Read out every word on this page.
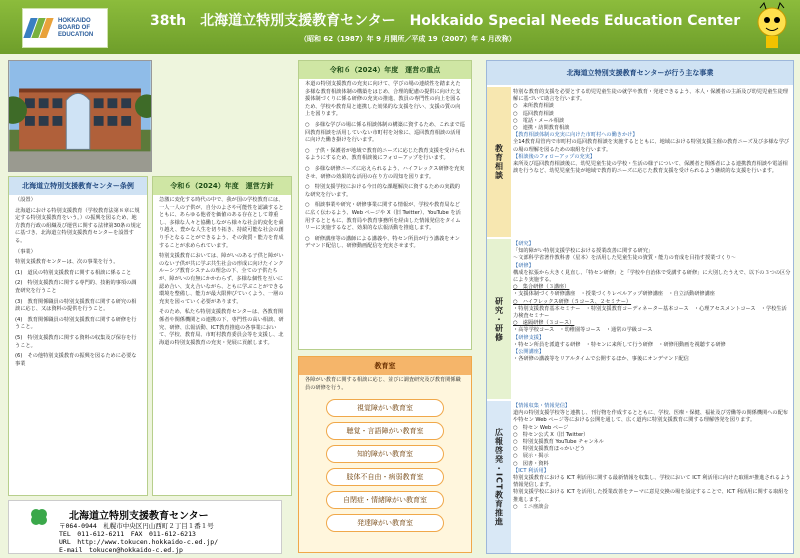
HOKKAIDO
BOARD OF
EDUCATION
38th　北海道立特別支援教育センター　Hokkaido Special Needs Education Center
（昭和 62（1987）年 9 月開所／平成 19（2007）年 4 月改称）
北海道立特別支援教育センター条例

（設置）

北海道における特別支援教育（学校教育法第８章に規定する特別支援教育をいう。）の振興を図るため、地方教育行政の組織及び運営に関する法律第30条の規定に基づき、北海道立特別支援教育センターを設置する。

（事業）

特別支援教育センターは、次の事業を行う。

(1)　道民の特別支援教育に関する相談に係ること

(2)　特別支援教育に関する専門的、技術的事項の調査研究を行うこと

(3)　教育関係職員の特別支援教育に関する研究の相談に応じ、又は資料の提供を行うこと。

(4)　教育関係職員の特別支援教育に関する研修を行うこと。

(5)　特別支援教育に関する資料の収集及び保存を行うこと。

(6)　その他特別支援教育の振興を図るために必要な事業

令和６（2024）年度　運営方針

急激に変化する時代の中で、我が国の学校教育には、一人一人の子供が、自分のよさや可能性を認識するとともに、あらゆる他者を価値のある存在として尊重し、多様な人々と協働しながら様々な社会的変化を乗り越え、豊かな人生を切り拓き、持続可能な社会の創り手となることができるよう、その資質・能力を育成することが求められています。

特別支援教育においては、障がいのある子供と障がいのない子供が共に学ぶ共生社会の形成に向けたインクルーシブ教育システムの理念の下、全ての子供たちが、障がいの有無にかかわらず、多様な個性を互いに認め合い、支え合いながら、ともに学ぶことができる環境を整備し、能力が最大限伸びていくよう、一層の充実を図っていく必要があります。

そのため、私たち特別支援教育センターは、各教育関係者や関係機関との連携の下、専門性の高い相談、研究、研修、広報活動、ICT教育推進の各事業において、学校、教育局、市町村教育委員会等を支援し、北海道の特別支援教育の充実・発展に貢献します。

令和６（2024）年度　運営の重点

本道の特別支援教育の充実に向けて、学びの場の連続性を踏まえた多様な教育相談体制の構築をはじめ、合理的配慮の提供に向けた支援体制づくりに係る研修の充実の推進、教員の専門性の向上を図るため、学校や教育局と連携した効果的な支援を行い、支援の質の向上を図ります。

○　多様な学びの場に係る相談体制の構築に資するため、これまで巡回教育相談を活用していない市町村を対象に、巡回教育相談の活用に向けた働き掛けを行います。

○　子供・保護者が地域で教育的ニーズに応じた教育支援を受けられるようにするため、教育相談後にフォローアップを行います。

○　多様な研修ニーズに応えられるよう、ハイフレックス研修を充実させ、研修の効果的な活用の在り方の周知を図ります。

○　特別支援学校における今日的な課題解決に資するための実践的な研究を行います。

○　相談事業や研究・研修事業に関する情報が、学校や教育局などに広く伝わるよう、Web ページや X（旧 Twitter）、YouTube を活用するとともに、教育局や教育事務所を経由した情報発信をタイムリーに実施するなど、効果的な広報活動を推進します。

○　研修講座等の講師による講義や、特セン所員が行う講義をオンデマンド配信し、研修動画配信を充実させます。

教育室
各障がい教育に関する相談に応じ、並びに調査研究及び教育関係職員の研修を行う。
視覚障がい教育室
聴覚・言語障がい教育室
知的障がい教育室
肢体不自由・病弱教育室
自閉症・情緒障がい教育室
発達障がい教育室
北海道立特別支援教育センターが行う主な事業
教育相談
特別な教育的支援を必要とする幼児児童生徒の就学や教育・発達できるよう、本人・保護者の主訴及び幼児児童生徒理解に基づいて助言を行います。
○　来所教育相談
○　巡回教育相談
○　電話・メール相談
○　連携・訪問教育相談
【教育相談体制の充実に向けた市町村への働きかけ】
全14教育局管内で市町村の巡回教育相談を実施するとともに、地域における特別支援主催の教育ニーズ及び多様な学びの場の理解を図るための取組を行います。
【相談後のフォローアップの充実】
来所及び巡回教育相談後に、幼児児童生徒の学校・生活の様子について、保護者と関係者による連携教育相談や電話相談を行うなど、幼児児童生徒が地域で教育的ニーズに応じた教育支援を受けられるよう継続的な支援を行います。
研究・研修
【研究】
「知的障がい特別支援学校における授業改善に関する研究」
〜文部科学省著作教科書（星本）を活用した児童生徒の資質・能力の育成を目指す授業づくり〜
【研修】
構成を拡張から大きく見直し、「特セン研修」と「学校や自治体で受講する研修」に大別したうえで、以下の３つの区分により実施する。
○　集合研修（３講座）
・支援体制づくり研修講座　・授業づくりレベルアップ研修講座　・自立活動研修講座
○　ハイフレックス研修（５コース、２セミナー）
・特別支援教育基本セミナー　・特別支援教育コーディネーター基本コース　・心理アセスメントコース　・学校生活力検査セミナー
○　遠隔研修（３コース）
・高等学校コース　・幼稚園等コース　・通常の学級コース
【研修支援】
・特セン所員を派遣する研修　・特センに来所して行う研修　・研修用動画を視聴する研修
【公開講座】
・各研修の講義等をリアルタイムで公開するほか、事後にオンデマンド配信
広報啓発・ICT教育推進
【情報収集・情報発信】
道内の特別支援学校等と連携し、刊行物を作成するとともに、学校、医療・保健、福祉及び労働等の関係機関への配布や特セン Web ページ等における公開を通して、広く道内に特別支援教育に関する理解啓発を図ります。
○　特セン Web ページ
○　特セン公式 X（旧 Twitter）
○　特別支援教育 YouTube チャンネル
○　特別支援教育ほっかいどう
○　展示・掲示
○　図書・資料
【ICT 利活用】
特別支援教育における ICT 利活用に関する最新情報を収集し、学校において ICT 利活用に向けた取組が推進されるよう情報発信します。
特別支援学校における ICT を活用した授業改善をテーマに意見交換の場を設定することで、ICT 利活用に関する取組を推進します。
○　ミニ座談会
北海道立特別支援教育センター
〒064-0944　札幌市中央区円山西町２丁目１番１号
TEL　011-612-6211　FAX　011-612-6213
URL　http://www.tokucen.hokkaido-c.ed.jp/
E-mail　tokucen@hokkaido-c.ed.jp
